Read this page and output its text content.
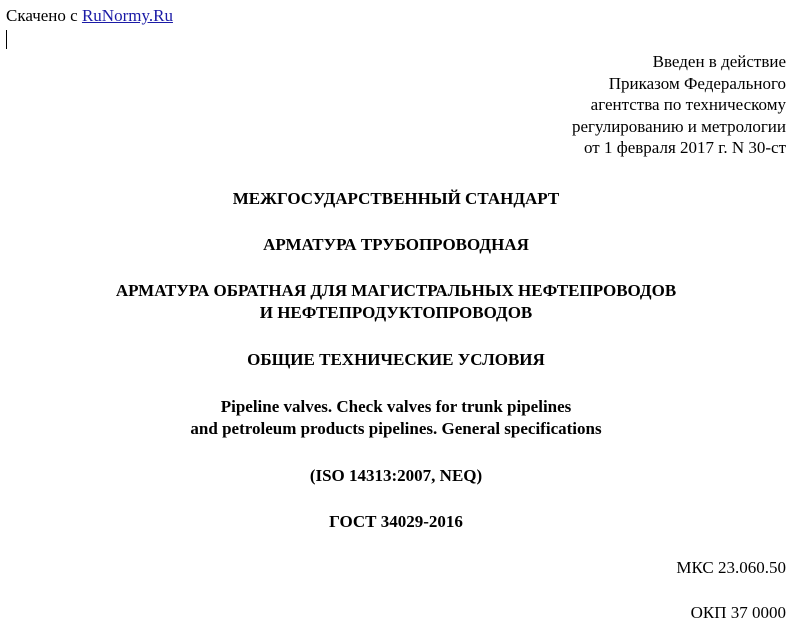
Скачено с RuNormy.Ru
Введен в действие
Приказом Федерального
агентства по техническому
регулированию и метрологии
от 1 февраля 2017 г. N 30-ст
МЕЖГОСУДАРСТВЕННЫЙ СТАНДАРТ
АРМАТУРА ТРУБОПРОВОДНАЯ
АРМАТУРА ОБРАТНАЯ ДЛЯ МАГИСТРАЛЬНЫХ НЕФТЕПРОВОДОВ
И НЕФТЕПРОДУКТОПРОВОДОВ
ОБЩИЕ ТЕХНИЧЕСКИЕ УСЛОВИЯ
Pipeline valves. Check valves for trunk pipelines
and petroleum products pipelines. General specifications
(ISO 14313:2007, NEQ)
ГОСТ 34029-2016
МКС 23.060.50
ОКП 37 0000
